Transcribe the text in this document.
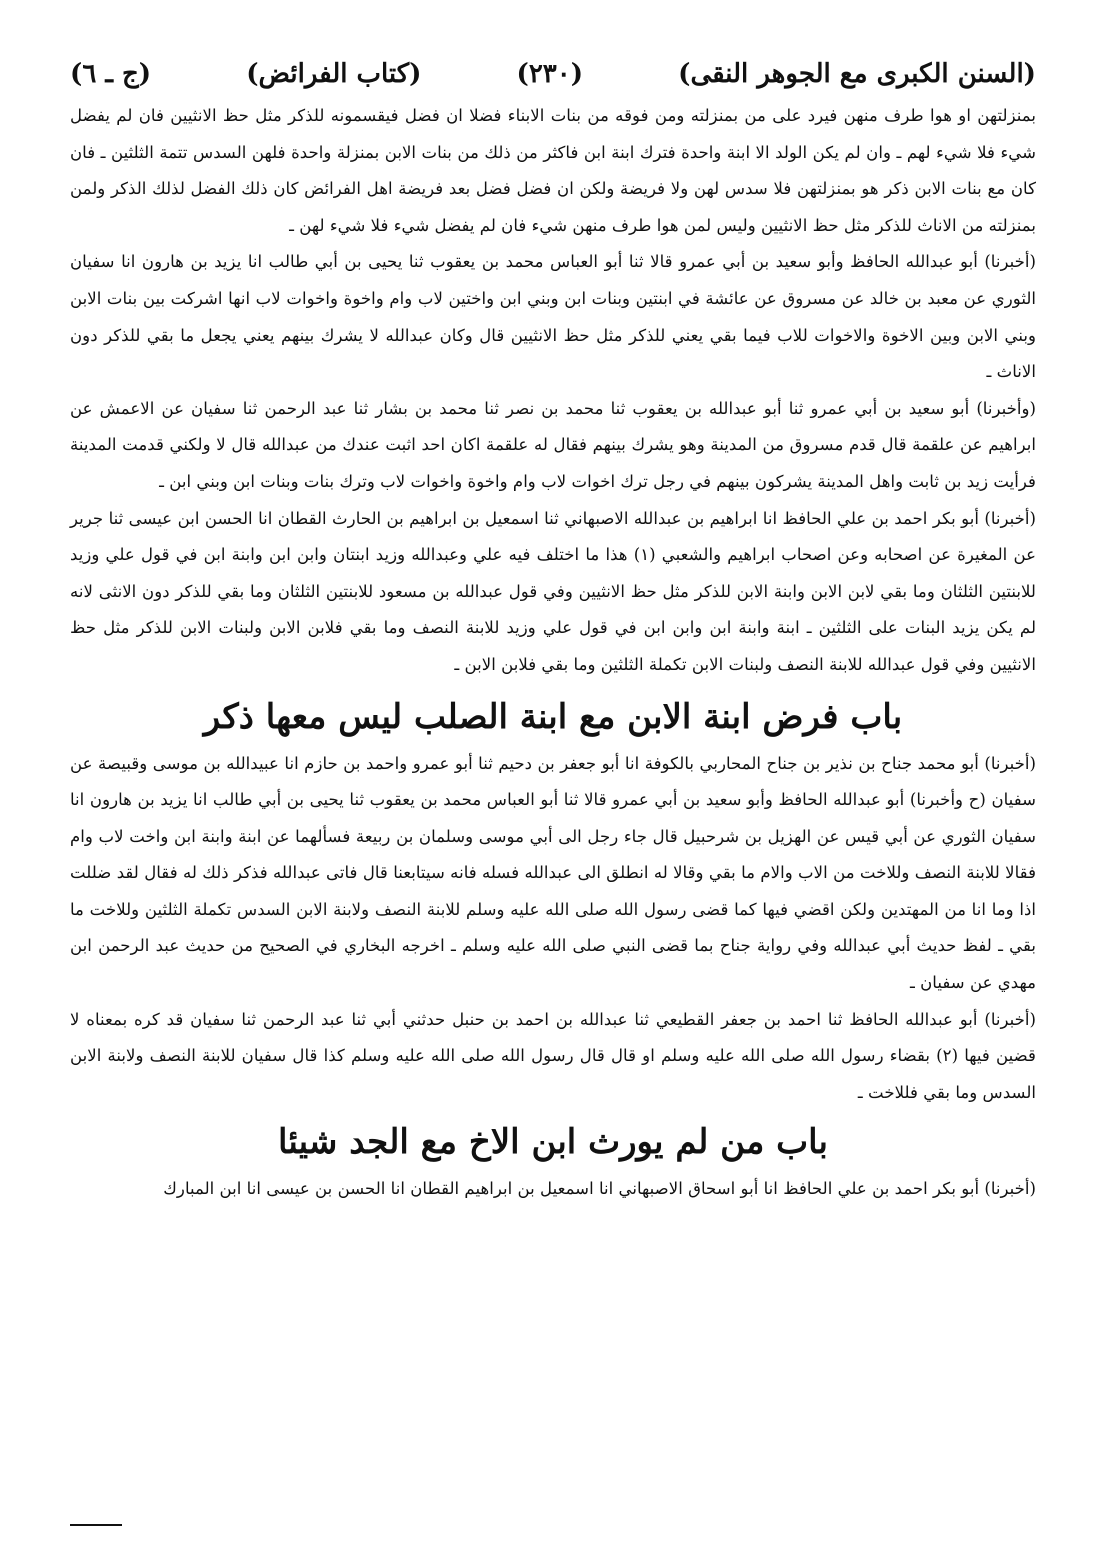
(السنن الكبرى مع الجوهر النقى)
(٢٣٠)
(كتاب الفرائض)
(ج ـ ٦)

بمنزلتهن او هوا طرف منهن فيرد على من بمنزلته ومن فوقه من بنات الابناء فضلا ان فضل فيقسمونه للذكر مثل حظ الانثيين فان لم يفضل شيء فلا شيء لهم ـ وان لم يكن الولد الا ابنة واحدة فترك ابنة ابن فاكثر من ذلك من بنات الابن بمنزلة واحدة فلهن السدس تتمة الثلثين ـ فان كان مع بنات الابن ذكر هو بمنزلتهن فلا سدس لهن ولا فريضة ولكن ان فضل فضل بعد فريضة اهل الفرائض كان ذلك الفضل لذلك الذكر ولمن بمنزلته من الاناث للذكر مثل حظ الانثيين وليس لمن هوا طرف منهن شيء فان لم يفضل شيء فلا شيء لهن ـ

(أخبرنا) أبو عبدالله الحافظ وأبو سعيد بن أبي عمرو قالا ثنا أبو العباس محمد بن يعقوب ثنا يحيى بن أبي طالب انا يزيد بن هارون انا سفيان الثوري عن معبد بن خالد عن مسروق عن عائشة في ابنتين وبنات ابن وبني ابن واختين لاب وام واخوة واخوات لاب انها اشركت بين بنات الابن وبني الابن وبين الاخوة والاخوات للاب فيما بقي يعني للذكر مثل حظ الانثيين قال وكان عبدالله لا يشرك بينهم يعني يجعل ما بقي للذكر دون الاناث ـ

(وأخبرنا) أبو سعيد بن أبي عمرو ثنا أبو عبدالله بن يعقوب ثنا محمد بن نصر ثنا محمد بن بشار ثنا عبد الرحمن ثنا سفيان عن الاعمش عن ابراهيم عن علقمة قال قدم مسروق من المدينة وهو يشرك بينهم فقال له علقمة اكان احد اثبت عندك من عبدالله قال لا ولكني قدمت المدينة فرأيت زيد بن ثابت واهل المدينة يشركون بينهم في رجل ترك اخوات لاب وام واخوة واخوات لاب وترك بنات وبنات ابن وبني ابن ـ

(أخبرنا) أبو بكر احمد بن علي الحافظ انا ابراهيم بن عبدالله الاصبهاني ثنا اسمعيل بن ابراهيم بن الحارث القطان انا الحسن ابن عيسى ثنا جرير عن المغيرة عن اصحابه وعن اصحاب ابراهيم والشعبي (١) هذا ما اختلف فيه علي وعبدالله وزيد ابنتان وابن ابن وابنة ابن في قول علي وزيد للابنتين الثلثان وما بقي لابن الابن وابنة الابن للذكر مثل حظ الانثيين وفي قول عبدالله بن مسعود للابنتين الثلثان وما بقي للذكر دون الانثى لانه لم يكن يزيد البنات على الثلثين ـ ابنة وابنة ابن وابن ابن في قول علي وزيد للابنة النصف وما بقي فلابن الابن ولبنات الابن للذكر مثل حظ الانثيين وفي قول عبدالله للابنة النصف ولبنات الابن تكملة الثلثين وما بقي فلابن الابن ـ

باب فرض ابنة الابن مع ابنة الصلب ليس معها ذكر

(أخبرنا) أبو محمد جناح بن نذير بن جناح المحاربي بالكوفة انا أبو جعفر بن دحيم ثنا أبو عمرو واحمد بن حازم انا عبيدالله بن موسى وقبيصة عن سفيان (ح وأخبرنا) أبو عبدالله الحافظ وأبو سعيد بن أبي عمرو قالا ثنا أبو العباس محمد بن يعقوب ثنا يحيى بن أبي طالب انا يزيد بن هارون انا سفيان الثوري عن أبي قيس عن الهزيل بن شرحبيل قال جاء رجل الى أبي موسى وسلمان بن ربيعة فسألهما عن ابنة وابنة ابن واخت لاب وام فقالا للابنة النصف وللاخت من الاب والام ما بقي وقالا له انطلق الى عبدالله فسله فانه سيتابعنا قال فاتى عبدالله فذكر ذلك له فقال لقد ضللت اذا وما انا من المهتدين ولكن اقضي فيها كما قضى رسول الله صلى الله عليه وسلم للابنة النصف ولابنة الابن السدس تكملة الثلثين وللاخت ما بقي ـ لفظ حديث أبي عبدالله وفي رواية جناح بما قضى النبي صلى الله عليه وسلم ـ اخرجه البخاري في الصحيح من حديث عبد الرحمن ابن مهدي عن سفيان ـ

(أخبرنا) أبو عبدالله الحافظ ثنا احمد بن جعفر القطيعي ثنا عبدالله بن احمد بن حنبل حدثني أبي ثنا عبد الرحمن ثنا سفيان قد كره بمعناه لا قضين فيها (٢) بقضاء رسول الله صلى الله عليه وسلم او قال قال رسول الله صلى الله عليه وسلم كذا قال سفيان للابنة النصف ولابنة الابن السدس وما بقي فللاخت ـ

باب من لم يورث ابن الاخ مع الجد شيئا

(أخبرنا) أبو بكر احمد بن علي الحافظ انا أبو اسحاق الاصبهاني انا اسمعيل بن ابراهيم القطان انا الحسن بن عيسى انا ابن المبارك
